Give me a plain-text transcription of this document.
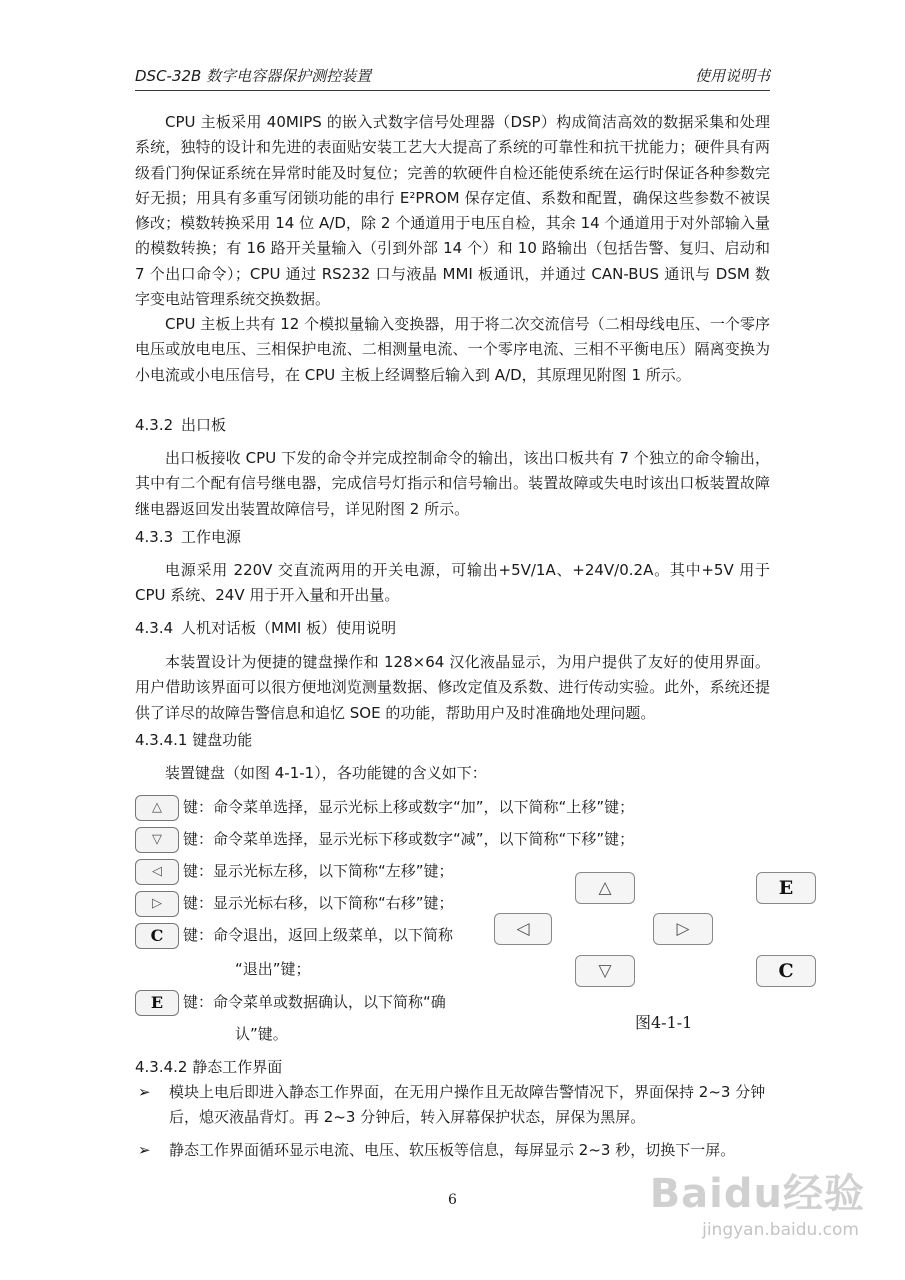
DSC-32B 数字电容器保护测控装置	使用说明书
CPU 主板采用 40MIPS 的嵌入式数字信号处理器（DSP）构成简洁高效的数据采集和处理系统，独特的设计和先进的表面贴安装工艺大大提高了系统的可靠性和抗干扰能力；硬件具有两级看门狗保证系统在异常时能及时复位；完善的软硬件自检还能使系统在运行时保证各种参数完好无损；用具有多重写闭锁功能的串行 E²PROM 保存定值、系数和配置，确保这些参数不被误修改；模数转换采用 14 位 A/D，除 2 个通道用于电压自检，其余 14 个通道用于对外部输入量的模数转换；有 16 路开关量输入（引到外部 14 个）和 10 路输出（包括告警、复归、启动和 7 个出口命令）；CPU 通过 RS232 口与液晶 MMI 板通讯，并通过 CAN-BUS 通讯与 DSM 数字变电站管理系统交换数据。
CPU 主板上共有 12 个模拟量输入变换器，用于将二次交流信号（二相母线电压、一个零序电压或放电电压、三相保护电流、二相测量电流、一个零序电流、三相不平衡电压）隔离变换为小电流或小电压信号，在 CPU 主板上经调整后输入到 A/D，其原理见附图 1 所示。
4.3.2 出口板
出口板接收 CPU 下发的命令并完成控制命令的输出，该出口板共有 7 个独立的命令输出，其中有二个配有信号继电器，完成信号灯指示和信号输出。装置故障或失电时该出口板装置故障继电器返回发出装置故障信号，详见附图 2 所示。
4.3.3 工作电源
电源采用 220V 交直流两用的开关电源，可输出+5V/1A、+24V/0.2A。其中+5V 用于 CPU 系统、24V 用于开入量和开出量。
4.3.4 人机对话板（MMI 板）使用说明
本装置设计为便捷的键盘操作和 128×64 汉化液晶显示，为用户提供了友好的使用界面。用户借助该界面可以很方便地浏览测量数据、修改定值及系数、进行传动实验。此外，系统还提供了详尽的故障告警信息和追忆 SOE 的功能，帮助用户及时准确地处理问题。
4.3.4.1 键盘功能
装置键盘（如图 4-1-1），各功能键的含义如下：
△	键：命令菜单选择，显示光标上移或数字“加”，以下简称“上移”键；
▽	键：命令菜单选择，显示光标下移或数字“减”，以下简称“下移”键；
◁	键：显示光标左移，以下简称“左移”键；
▷	键：显示光标右移，以下简称“右移”键；
C	键：命令退出，返回上级菜单，以下简称
“退出”键；
E	键：命令菜单或数据确认，以下简称“确
认”键。
△
◁	▷
▽
E
C
图4-1-1
4.3.4.2 静态工作界面
➢ 模块上电后即进入静态工作界面，在无用户操作且无故障告警情况下，界面保持 2~3 分钟后，熄灭液晶背灯。再 2~3 分钟后，转入屏幕保护状态，屏保为黑屏。
➢ 静态工作界面循环显示电流、电压、软压板等信息，每屏显示 2~3 秒，切换下一屏。
6	Baidu经验
jingyan.baidu.com
